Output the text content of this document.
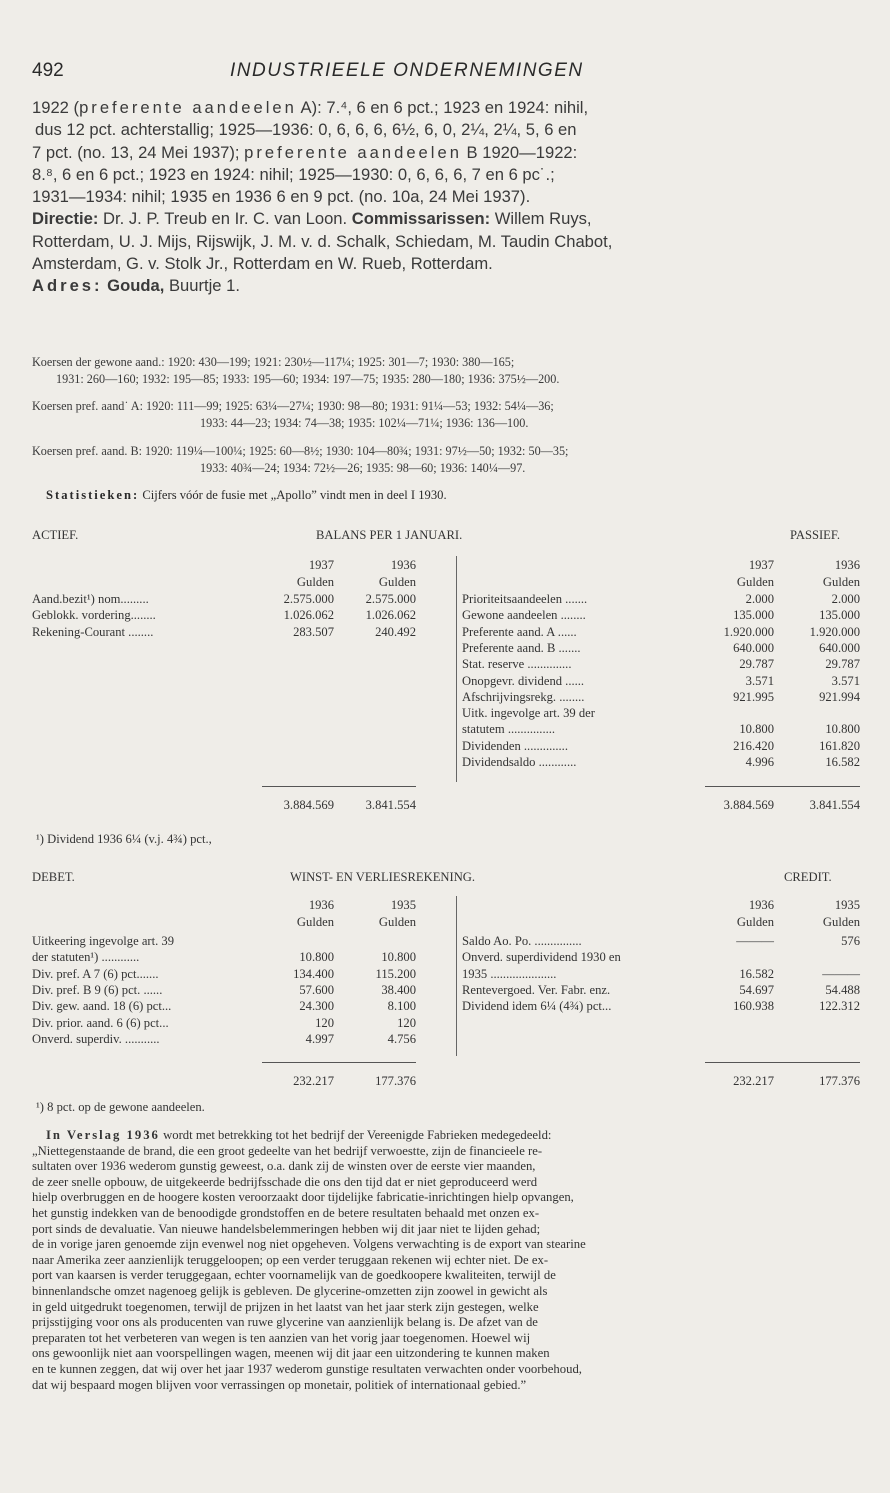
492	INDUSTRIEELE ONDERNEMINGEN
1922 (preferente aandeelen A): 7.⁴, 6 en 6 pct.; 1923 en 1924: nihil,
dus 12 pct. achterstallig; 1925—1936: 0, 6, 6, 6, 6½, 6, 0, 2¼, 2¼, 5, 6 en
7 pct. (no. 13, 24 Mei 1937); preferente aandeelen B 1920—1922:
8.⁸, 6 en 6 pct.; 1923 en 1924: nihil; 1925—1930: 0, 6, 6, 6, 7 en 6 pc˙.;
1931—1934: nihil; 1935 en 1936 6 en 9 pct. (no. 10a, 24 Mei 1937).
Directie: Dr. J. P. Treub en Ir. C. van Loon. Commissarissen: Willem Ruys,
Rotterdam, U. J. Mijs, Rijswijk, J. M. v. d. Schalk, Schiedam, M. Taudin Chabot,
Amsterdam, G. v. Stolk Jr., Rotterdam en W. Rueb, Rotterdam.
Adres: Gouda, Buurtje 1.
Koersen der gewone aand.: 1920: 430—199; 1921: 230½—117¼; 1925: 301—7; 1930: 380—165;
1931: 260—160; 1932: 195—85; 1933: 195—60; 1934: 197—75; 1935: 280—180; 1936: 375½—200.
Koersen pref. aand˙ A: 1920: 111—99; 1925: 63¼—27¼; 1930: 98—80; 1931: 91¼—53; 1932: 54¼—36;
1933: 44—23; 1934: 74—38; 1935: 102¼—71¼; 1936: 136—100.
Koersen pref. aand. B: 1920: 119¼—100¼; 1925: 60—8½; 1930: 104—80¾; 1931: 97½—50; 1932: 50—35;
1933: 40¾—24; 1934: 72½—26; 1935: 98—60; 1936: 140¼—97.
Statistieken: Cijfers vóór de fusie met „Apollo” vindt men in deel I 1930.
ACTIEF.	BALANS PER 1 JANUARI.	PASSIEF.
1937	1936
Gulden	Gulden
1937	1936
Gulden	Gulden
Aand.bezit¹) nom.........	2.575.000	2.575.000
Geblokk. vordering........	1.026.062	1.026.062
Rekening-Courant ........	283.507	240.492
Prioriteitsaandeelen .......	2.000	2.000
Gewone aandeelen ........	135.000	135.000
Preferente aand. A ......	1.920.000	1.920.000
Preferente aand. B .......	640.000	640.000
Stat. reserve ..............	29.787	29.787
Onopgevr. dividend ......	3.571	3.571
Afschrijvingsrekg. ........	921.995	921.994
Uitk. ingevolge art. 39 der
statutem ...............	10.800	10.800
Dividenden ..............	216.420	161.820
Dividendsaldo ............	4.996	16.582
3.884.569	3.841.554	3.884.569	3.841.554
¹) Dividend 1936 6¼ (v.j. 4¾) pct.,
DEBET.	WINST- EN VERLIESREKENING.	CREDIT.
1936	1935
Gulden	Gulden
1936	1935
Gulden	Gulden
Uitkeering ingevolge art. 39
der statuten¹) ............	10.800	10.800
Div. pref. A 7 (6) pct.......	134.400	115.200
Div. pref. B 9 (6) pct. ......	57.600	38.400
Div. gew. aand. 18 (6) pct...	24.300	8.100
Div. prior. aand. 6 (6) pct...	120	120
Onverd. superdiv. ...........	4.997	4.756
Saldo Ao. Po. ...............	———	576
Onverd. superdividend 1930 en
1935 .....................	16.582	———
Rentevergoed. Ver. Fabr. enz.	54.697	54.488
Dividend idem 6¼ (4¾) pct...	160.938	122.312
232.217	177.376	232.217	177.376
¹) 8 pct. op de gewone aandeelen.
In Verslag 1936 wordt met betrekking tot het bedrijf der Vereenigde Fabrieken medegedeeld:
„Niettegenstaande de brand, die een groot gedeelte van het bedrijf verwoestte, zijn de financieele re-
sultaten over 1936 wederom gunstig geweest, o.a. dank zij de winsten over de eerste vier maanden,
de zeer snelle opbouw, de uitgekeerde bedrijfsschade die ons den tijd dat er niet geproduceerd werd
hielp overbruggen en de hoogere kosten veroorzaakt door tijdelijke fabricatie-inrichtingen hielp opvangen,
het gunstig indekken van de benoodigde grondstoffen en de betere resultaten behaald met onzen ex-
port sinds de devaluatie. Van nieuwe handelsbelemmeringen hebben wij dit jaar niet te lijden gehad;
de in vorige jaren genoemde zijn evenwel nog niet opgeheven. Volgens verwachting is de export van stearine
naar Amerika zeer aanzienlijk teruggeloopen; op een verder teruggaan rekenen wij echter niet. De ex-
port van kaarsen is verder teruggegaan, echter voornamelijk van de goedkoopere kwaliteiten, terwijl de
binnenlandsche omzet nagenoeg gelijk is gebleven. De glycerine-omzetten zijn zoowel in gewicht als
in geld uitgedrukt toegenomen, terwijl de prijzen in het laatst van het jaar sterk zijn gestegen, welke
prijsstijging voor ons als producenten van ruwe glycerine van aanzienlijk belang is. De afzet van de
preparaten tot het verbeteren van wegen is ten aanzien van het vorig jaar toegenomen. Hoewel wij
ons gewoonlijk niet aan voorspellingen wagen, meenen wij dit jaar een uitzondering te kunnen maken
en te kunnen zeggen, dat wij over het jaar 1937 wederom gunstige resultaten verwachten onder voorbehoud,
dat wij bespaard mogen blijven voor verrassingen op monetair, politiek of internationaal gebied.”
